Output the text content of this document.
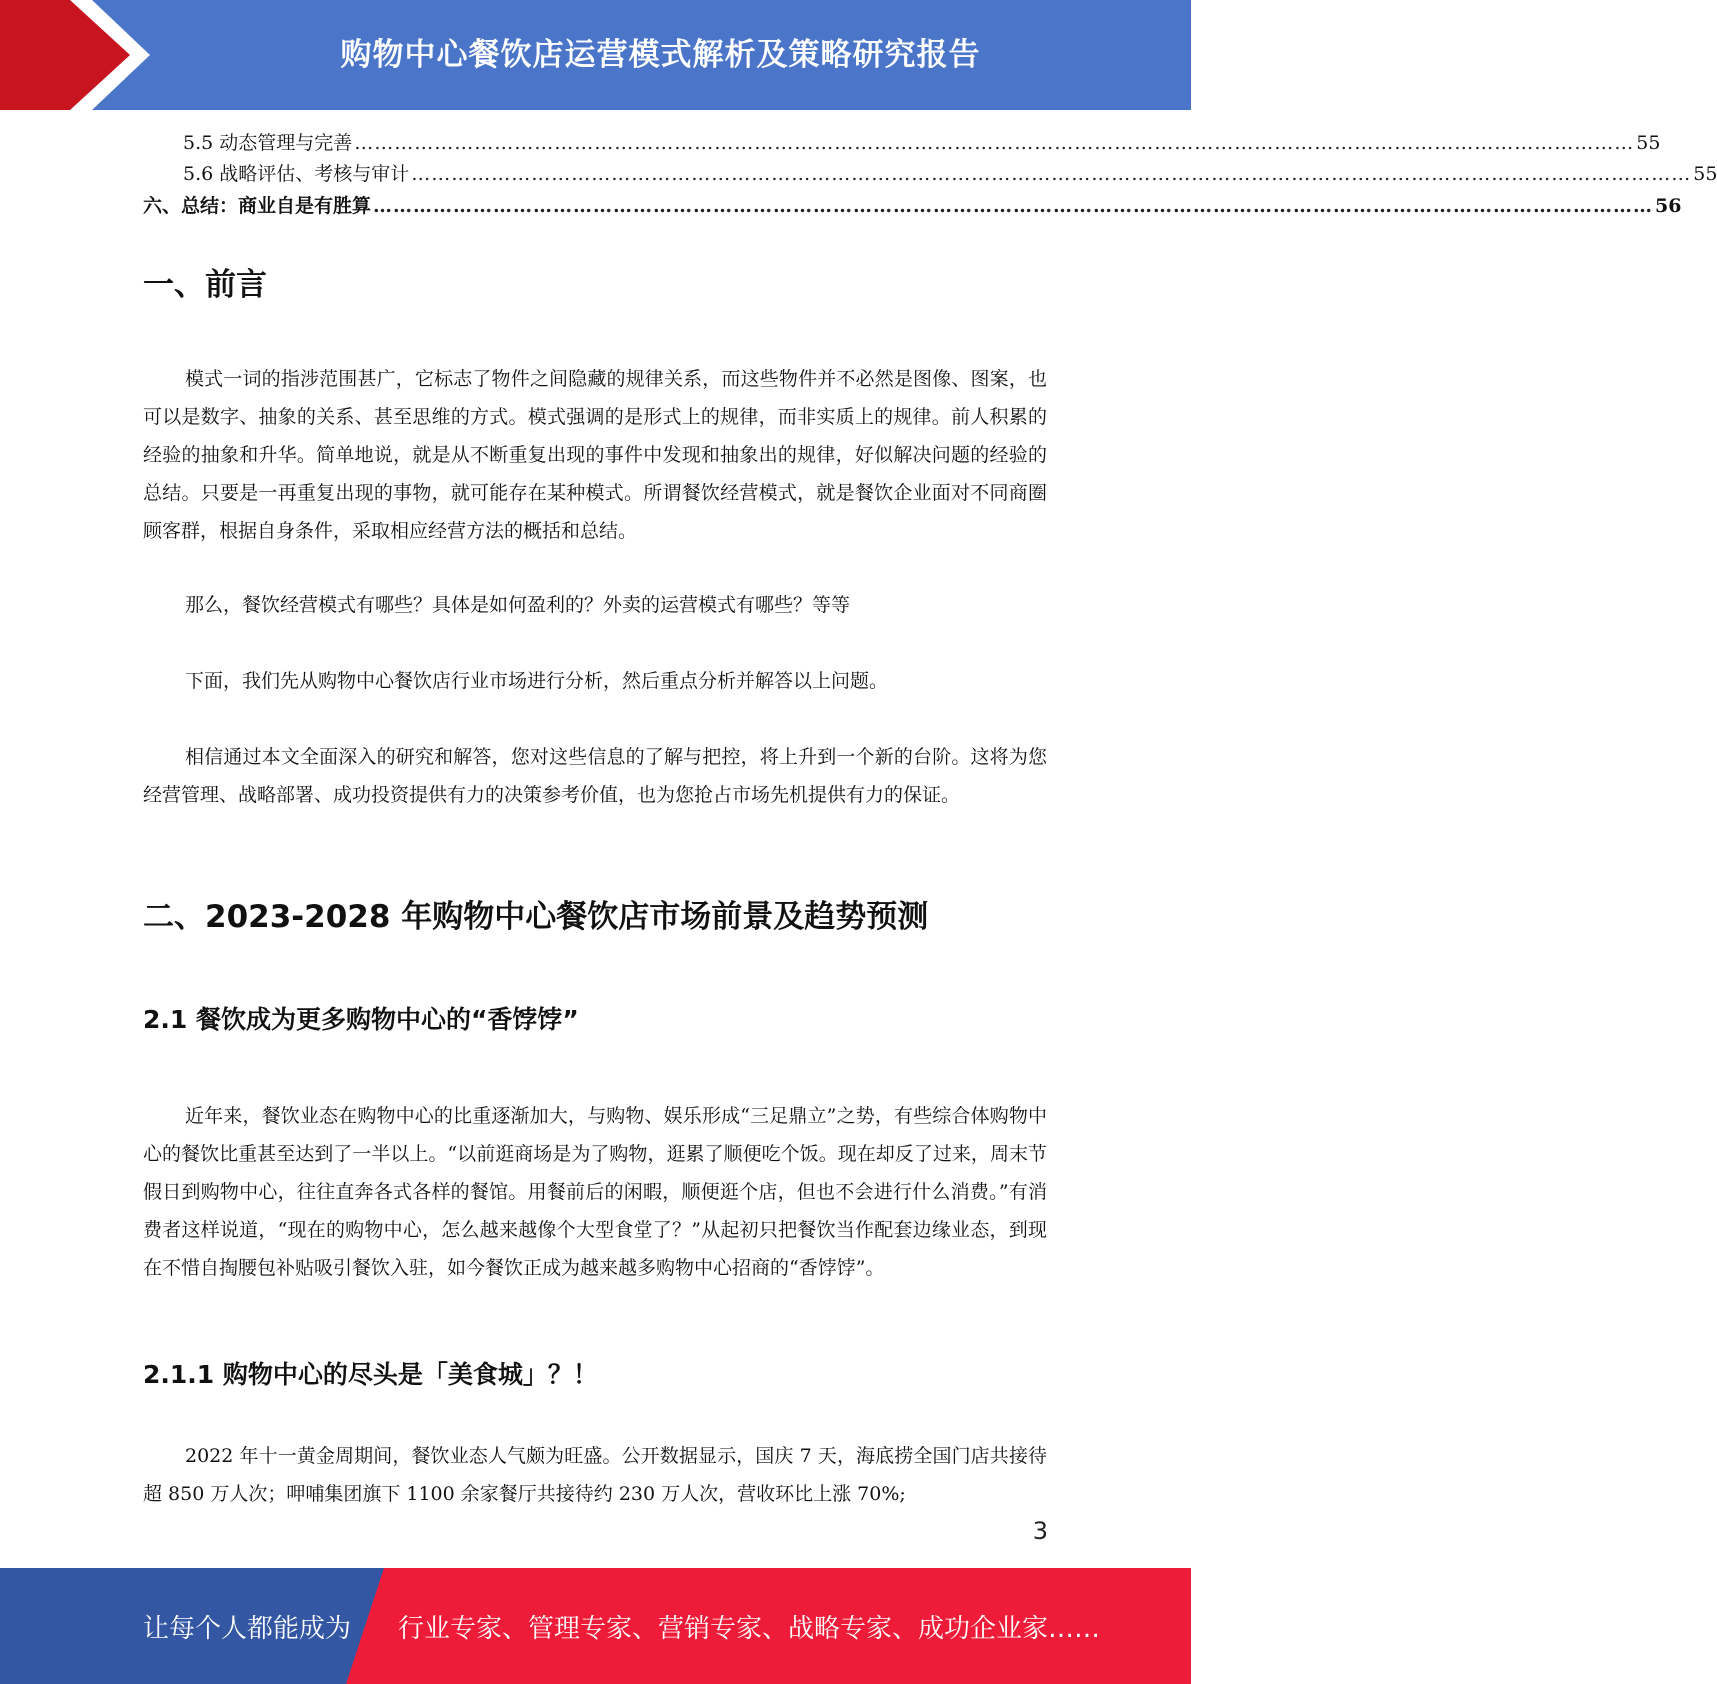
购物中心餐饮店运营模式解析及策略研究报告
5.5 动态管理与完善 ………………………………………………………………………………………………………………………………………………………………………… 55
5.6 战略评估、考核与审计 ………………………………………………………………………………………………………………………………………………………………………… 55
六、总结：商业自是有胜算 ………………………………………………………………………………………………………………………………………………………………………… 56
一、前言

模式一词的指涉范围甚广，它标志了物件之间隐藏的规律关系，而这些物件并不必然是图像、图案，也可以是数字、抽象的关系、甚至思维的方式。模式强调的是形式上的规律，而非实质上的规律。前人积累的经验的抽象和升华。简单地说，就是从不断重复出现的事件中发现和抽象出的规律，好似解决问题的经验的总结。只要是一再重复出现的事物，就可能存在某种模式。所谓餐饮经营模式，就是餐饮企业面对不同商圈顾客群，根据自身条件，采取相应经营方法的概括和总结。

那么，餐饮经营模式有哪些？具体是如何盈利的？外卖的运营模式有哪些？等等

下面，我们先从购物中心餐饮店行业市场进行分析，然后重点分析并解答以上问题。

相信通过本文全面深入的研究和解答，您对这些信息的了解与把控，将上升到一个新的台阶。这将为您经营管理、战略部署、成功投资提供有力的决策参考价值，也为您抢占市场先机提供有力的保证。

二、2023-2028 年购物中心餐饮店市场前景及趋势预测
2.1 餐饮成为更多购物中心的“香饽饽”

近年来，餐饮业态在购物中心的比重逐渐加大，与购物、娱乐形成“三足鼎立”之势，有些综合体购物中心的餐饮比重甚至达到了一半以上。“以前逛商场是为了购物，逛累了顺便吃个饭。现在却反了过来，周末节假日到购物中心，往往直奔各式各样的餐馆。用餐前后的闲暇，顺便逛个店，但也不会进行什么消费。”有消费者这样说道，“现在的购物中心，怎么越来越像个大型食堂了？”从起初只把餐饮当作配套边缘业态，到现在不惜自掏腰包补贴吸引餐饮入驻，如今餐饮正成为越来越多购物中心招商的“香饽饽”。

2.1.1 购物中心的尽头是「美食城」？！

2022 年十一黄金周期间，餐饮业态人气颇为旺盛。公开数据显示，国庆 7 天，海底捞全国门店共接待超 850 万人次；呷哺集团旗下 1100 余家餐厅共接待约 230 万人次，营收环比上涨 70%;

3
让每个人都能成为 行业专家、管理专家、营销专家、战略专家、成功企业家……
